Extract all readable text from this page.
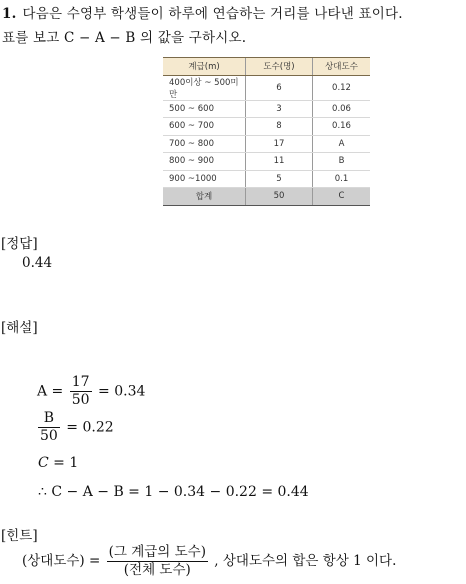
1. 다음은 수영부 학생들이 하루에 연습하는 거리를 나타낸 표이다.
표를 보고 C − A − B 의 값을 구하시오.
계급(m)	도수(명)	상대도수
400이상 ~ 500미만	6	0.12
500 ~ 600	3	0.06
600 ~ 700	8	0.16
700 ~ 800	17	A
800 ~ 900	11	B
900 ~1000	5	0.1
합계	50	C
[정답]
0.44
[해설]
$A = \frac{17}{50} = 0.34$
$\frac{B}{50} = 0.22$
C = 1
∴ C − A − B = 1 − 0.34 − 0.22 = 0.44
[힌트]
(상대도수) = $\frac{\text{(그 계급의 도수)}}{\text{(전체 도수)}}$ , 상대도수의 합은 항상 1 이다.
